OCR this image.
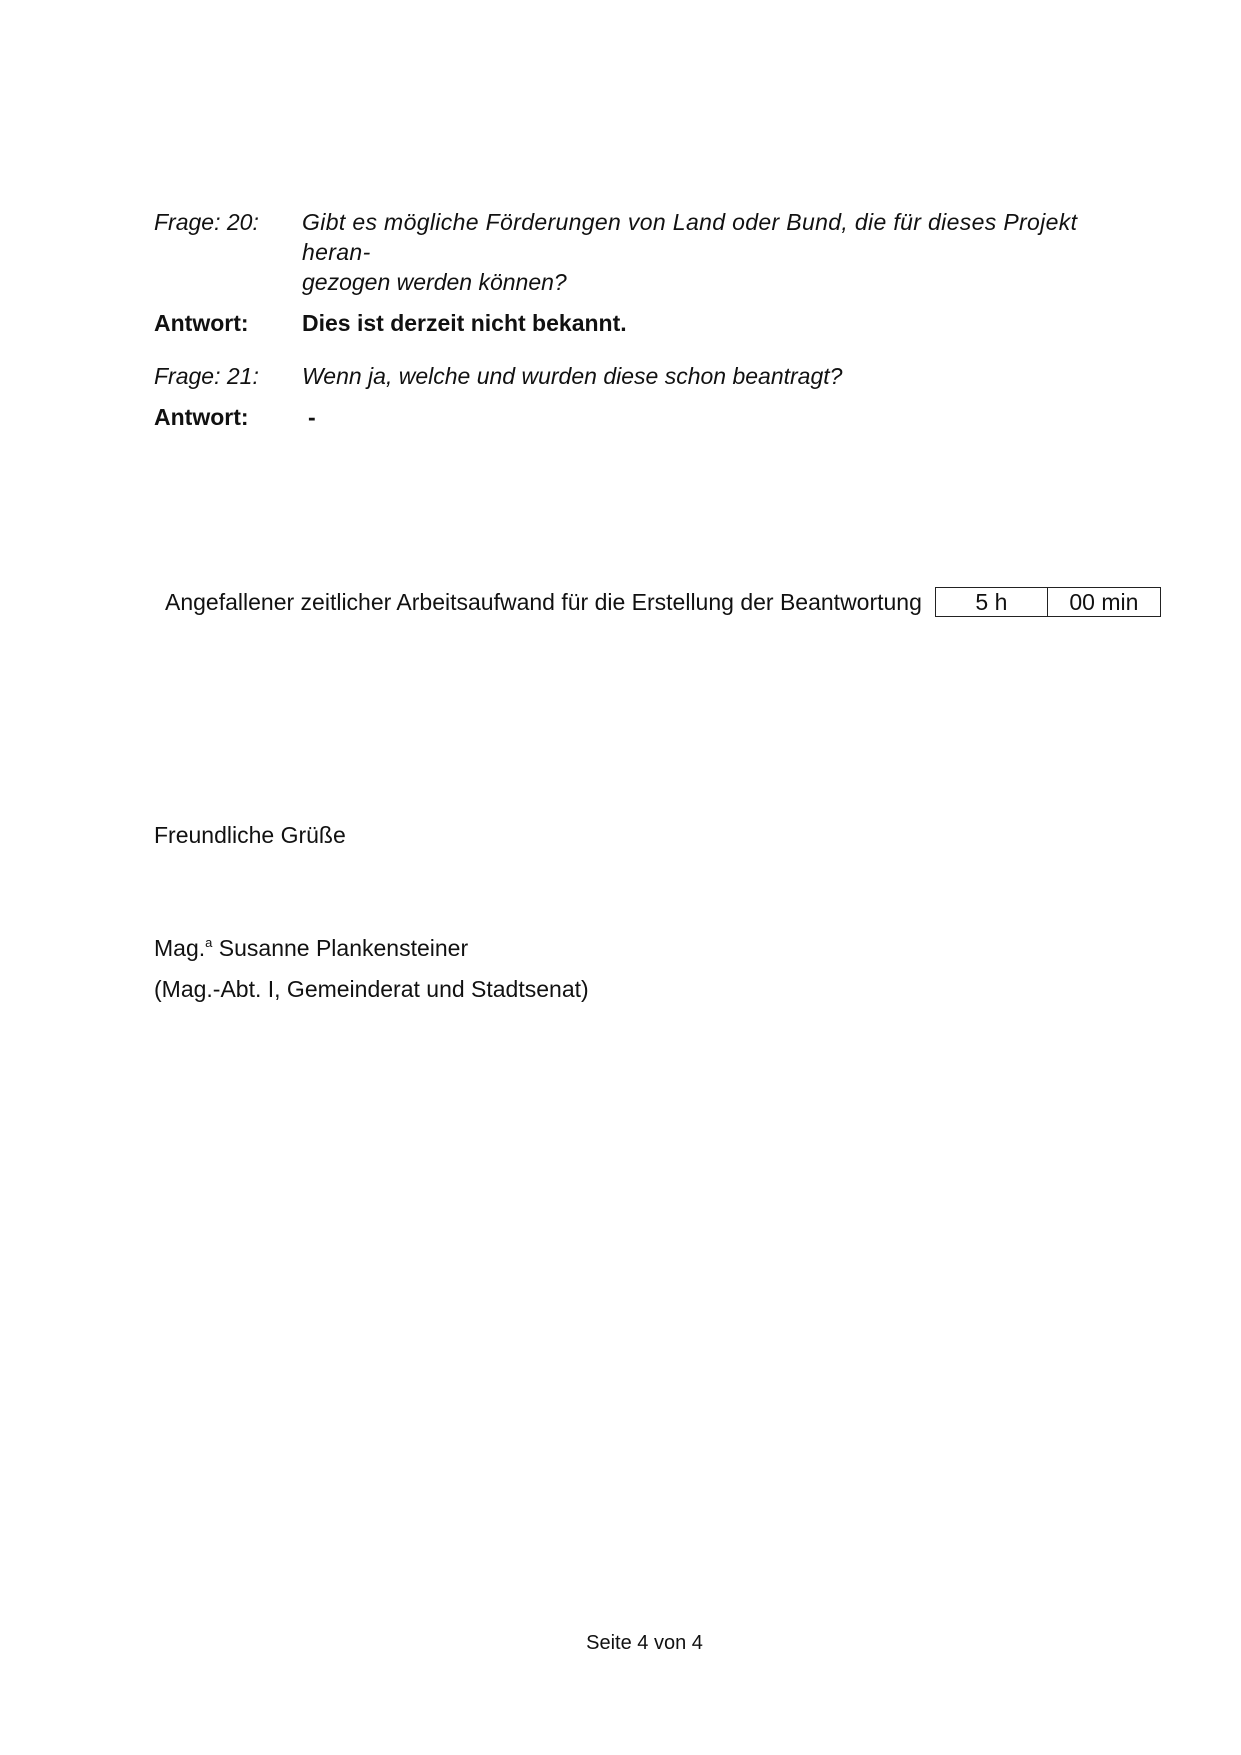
Frage: 20:	Gibt es mögliche Förderungen von Land oder Bund, die für dieses Projekt heran-
gezogen werden können?
Antwort:	Dies ist derzeit nicht bekannt.
Frage: 21:	Wenn ja, welche und wurden diese schon beantragt?
Antwort:	-
Angefallener zeitlicher Arbeitsaufwand für die Erstellung der Beantwortung	5 h	00 min
Freundliche Grüße
Mag.$^a$ Susanne Plankensteiner
(Mag.-Abt. I, Gemeinderat und Stadtsenat)
Seite 4 von 4
